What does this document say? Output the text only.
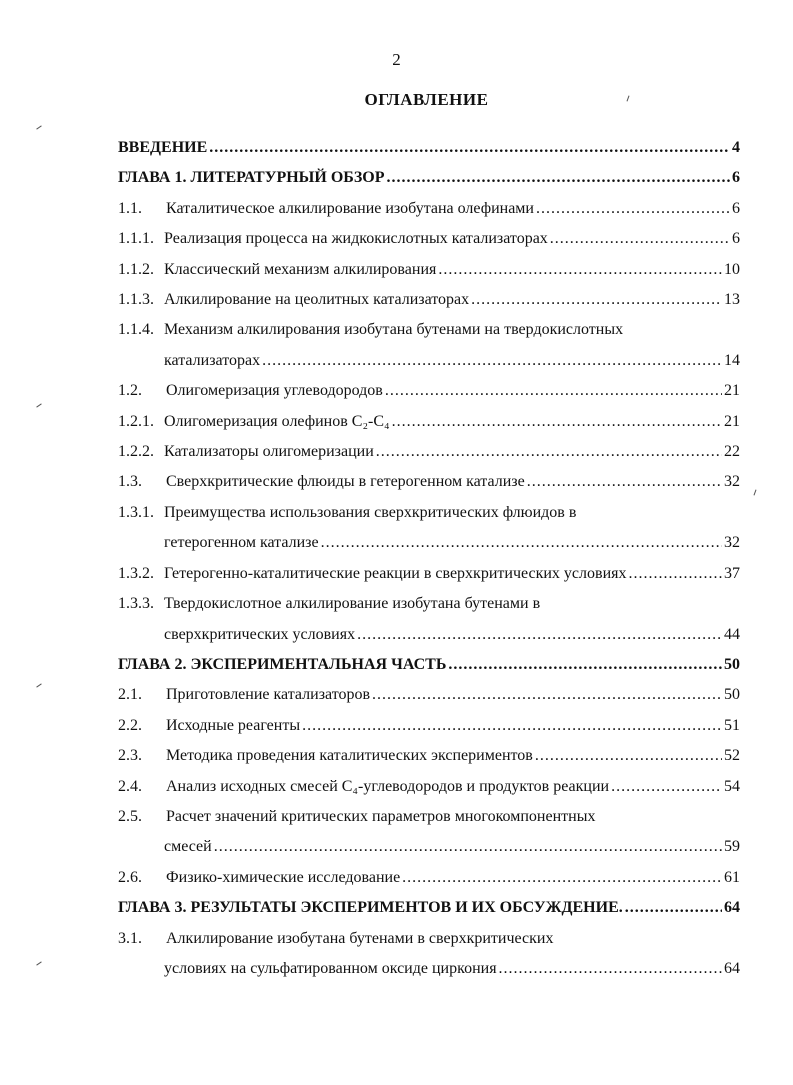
2
ОГЛАВЛЕНИЕ
ВВЕДЕНИЕ .....	4
ГЛАВА 1. ЛИТЕРАТУРНЫЙ ОБЗОР .....	6
1.1.	Каталитическое алкилирование изобутана олефинами .....	6
1.1.1. Реализация процесса на жидкокислотных катализаторах .....	6
1.1.2. Классический механизм алкилирования .....	10
1.1.3. Алкилирование на цеолитных катализаторах .....	13
1.1.4. Механизм алкилирования изобутана бутенами на твердокислотных
катализаторах .....	14
1.2.	Олигомеризация углеводородов .....	21
1.2.1. Олигомеризация олефинов C₂-C₄ .....	21
1.2.2. Катализаторы олигомеризации .....	22
1.3.	Сверхкритические флюиды в гетерогенном катализе .....	32
1.3.1. Преимущества использования сверхкритических флюидов в
гетерогенном катализе .....	32
1.3.2. Гетерогенно-каталитические реакции в сверхкритических условиях .....	37
1.3.3. Твердокислотное алкилирование изобутана бутенами в
сверхкритических условиях .....	44
ГЛАВА 2. ЭКСПЕРИМЕНТАЛЬНАЯ ЧАСТЬ .....	50
2.1.	Приготовление катализаторов .....	50
2.2.	Исходные реагенты .....	51
2.3.	Методика проведения каталитических экспериментов .....	52
2.4.	Анализ исходных смесей C₄-углеводородов и продуктов реакции .....	54
2.5.	Расчет значений критических параметров многокомпонентных
смесей .....	59
2.6.	Физико-химические исследование .....	61
ГЛАВА 3. РЕЗУЛЬТАТЫ ЭКСПЕРИМЕНТОВ И ИХ ОБСУЖДЕНИЕ. .....	64
3.1.	Алкилирование изобутана бутенами в сверхкритических
условиях на сульфатированном оксиде циркония .....	64
